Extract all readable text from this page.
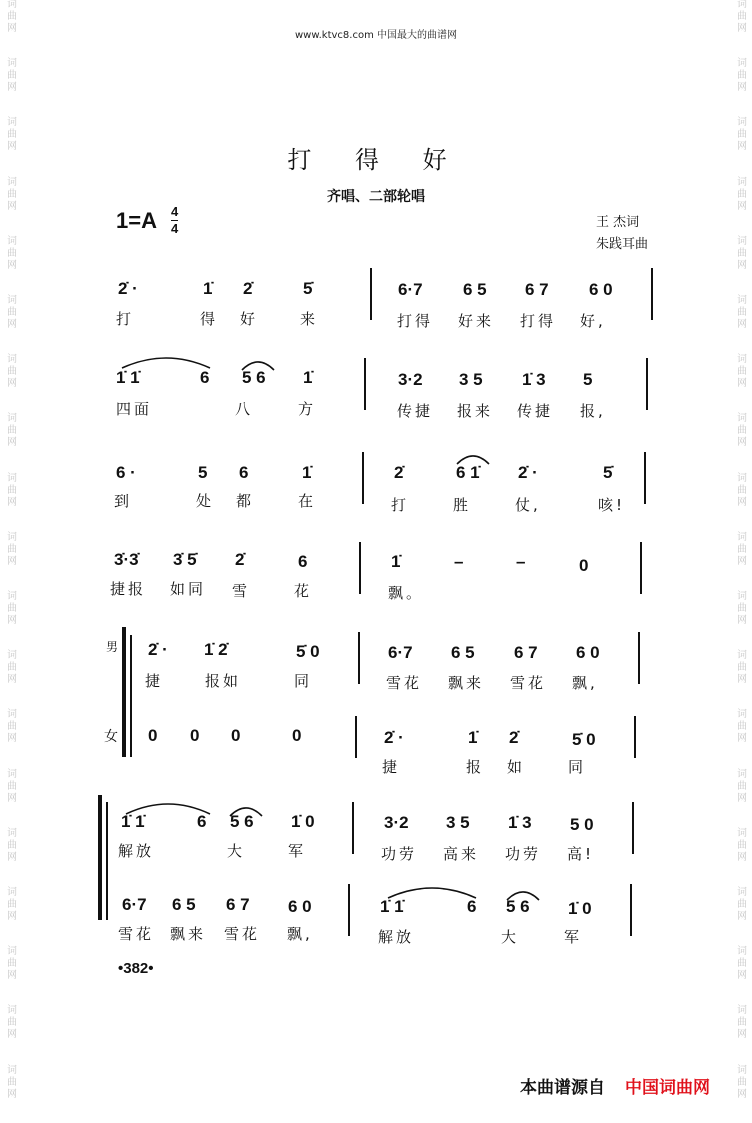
词
曲
网
词
曲
网
词
曲
网
词
曲
网
词
曲
网
词
曲
网
词
曲
网
词
曲
网
词
曲
网
词
曲
网
词
曲
网
词
曲
网
词
曲
网
词
曲
网
词
曲
网
词
曲
网
词
曲
网
词
曲
网
词
曲
网
词
曲
网
词
曲
网
词
曲
网
词
曲
网
词
曲
网
词
曲
网
词
曲
网
词
曲
网
词
曲
网
词
曲
网
词
曲
网
词
曲
网
词
曲
网
词
曲
网
词
曲
网
词
曲
网
词
曲
网
词
曲
网
词
曲
网
www.ktvc8.com 中国最大的曲谱网
打 得 好
齐唱、二部轮唱
1=A 4
4	王 杰词
朱践耳曲
2̇ ·	1̇ 2̇	5̇	6·7 6 5 6 7 6 0
打	得 好	来	打得 好来 打得 好,
1̇ 1̇	6 5 6 1̇	3·2 3 5 1̇ 3 5
四面	八	方	传捷 报来 传捷 报,
6 ·	5 6	1̇	2̇	6 1̇ 2̇ ·	5̇
到	处 都	在	打	胜	仗,	咳!
3̇·3̇ 3̇ 5̇ 2̇	6	1̇	–	–	0
捷报 如同 雪	花	飘。
男
女
2̇ · 1̇ 2̇	5̇ 0	6·7 6 5 6 7 6 0
捷	报如	同	雪花 飘来 雪花 飘,
0 0 0	0	2̇ ·	1̇ 2̇	5̇ 0
捷	报 如	同
1̇ 1̇	6 5 6 1̇ 0	3·2 3 5 1̇ 3 5 0
解放	大	军	功劳 高来 功劳 高!
6·7 6 5 6 7 6 0	1̇ 1̇	6 5 6 1̇ 0
雪花 飘来 雪花 飘,	解放	大	军
•382•
本曲谱源自 中国词曲网
